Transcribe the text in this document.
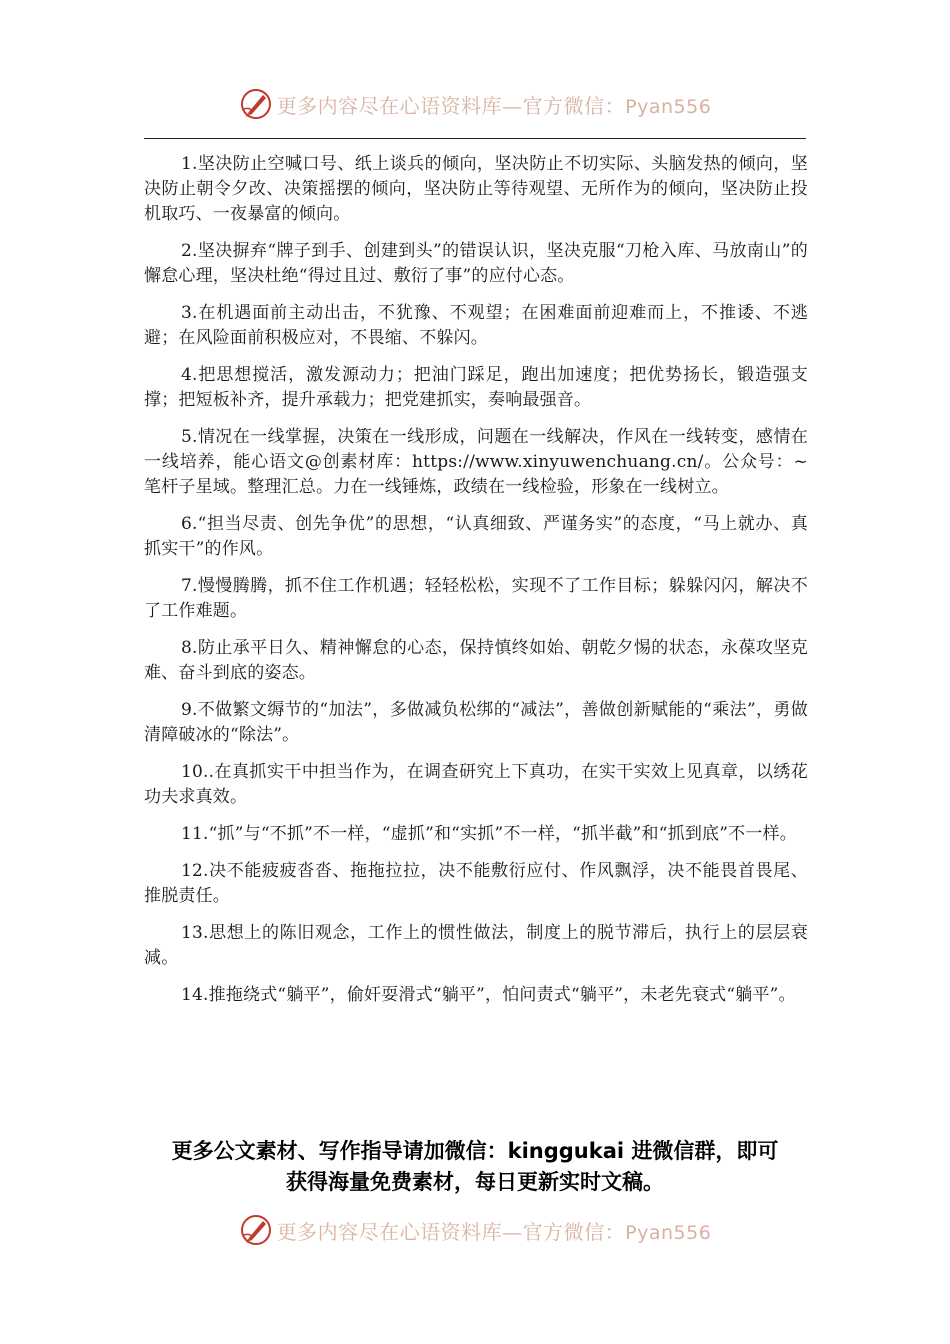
更多内容尽在心语资料库—官方微信：Pyan556

1.坚决防止空喊口号、纸上谈兵的倾向，坚决防止不切实际、头脑发热的倾向，坚决防止朝令夕改、决策摇摆的倾向，坚决防止等待观望、无所作为的倾向，坚决防止投机取巧、一夜暴富的倾向。

2.坚决摒弃“牌子到手、创建到头”的错误认识，坚决克服“刀枪入库、马放南山”的懈怠心理，坚决杜绝“得过且过、敷衍了事”的应付心态。

3.在机遇面前主动出击，不犹豫、不观望；在困难面前迎难而上，不推诿、不逃避；在风险面前积极应对，不畏缩、不躲闪。

4.把思想搅活，激发源动力；把油门踩足，跑出加速度；把优势扬长，锻造强支撑；把短板补齐，提升承载力；把党建抓实，奏响最强音。

5.情况在一线掌握，决策在一线形成，问题在一线解决，作风在一线转变，感情在一线培养，能心语文@创素材库：https://www.xinyuwenchuang.cn/。公众号：~笔杆子星域。整理汇总。力在一线锤炼，政绩在一线检验，形象在一线树立。

6.“担当尽责、创先争优”的思想，“认真细致、严谨务实”的态度，“马上就办、真抓实干”的作风。

7.慢慢腾腾，抓不住工作机遇；轻轻松松，实现不了工作目标；躲躲闪闪，解决不了工作难题。

8.防止承平日久、精神懈怠的心态，保持慎终如始、朝乾夕惕的状态，永葆攻坚克难、奋斗到底的姿态。

9.不做繁文缛节的“加法”，多做减负松绑的“减法”，善做创新赋能的“乘法”，勇做清障破冰的“除法”。

10..在真抓实干中担当作为，在调查研究上下真功，在实干实效上见真章，以绣花功夫求真效。

11.“抓”与“不抓”不一样，“虚抓”和“实抓”不一样，“抓半截”和“抓到底”不一样。

12.决不能疲疲沓沓、拖拖拉拉，决不能敷衍应付、作风飘浮，决不能畏首畏尾、推脱责任。

13.思想上的陈旧观念，工作上的惯性做法，制度上的脱节滞后，执行上的层层衰减。

14.推拖绕式“躺平”，偷奸耍滑式“躺平”，怕问责式“躺平”，未老先衰式“躺平”。

更多公文素材、写作指导请加微信：kinggukai 进微信群，即可
获得海量免费素材，每日更新实时文稿。
更多内容尽在心语资料库—官方微信：Pyan556
